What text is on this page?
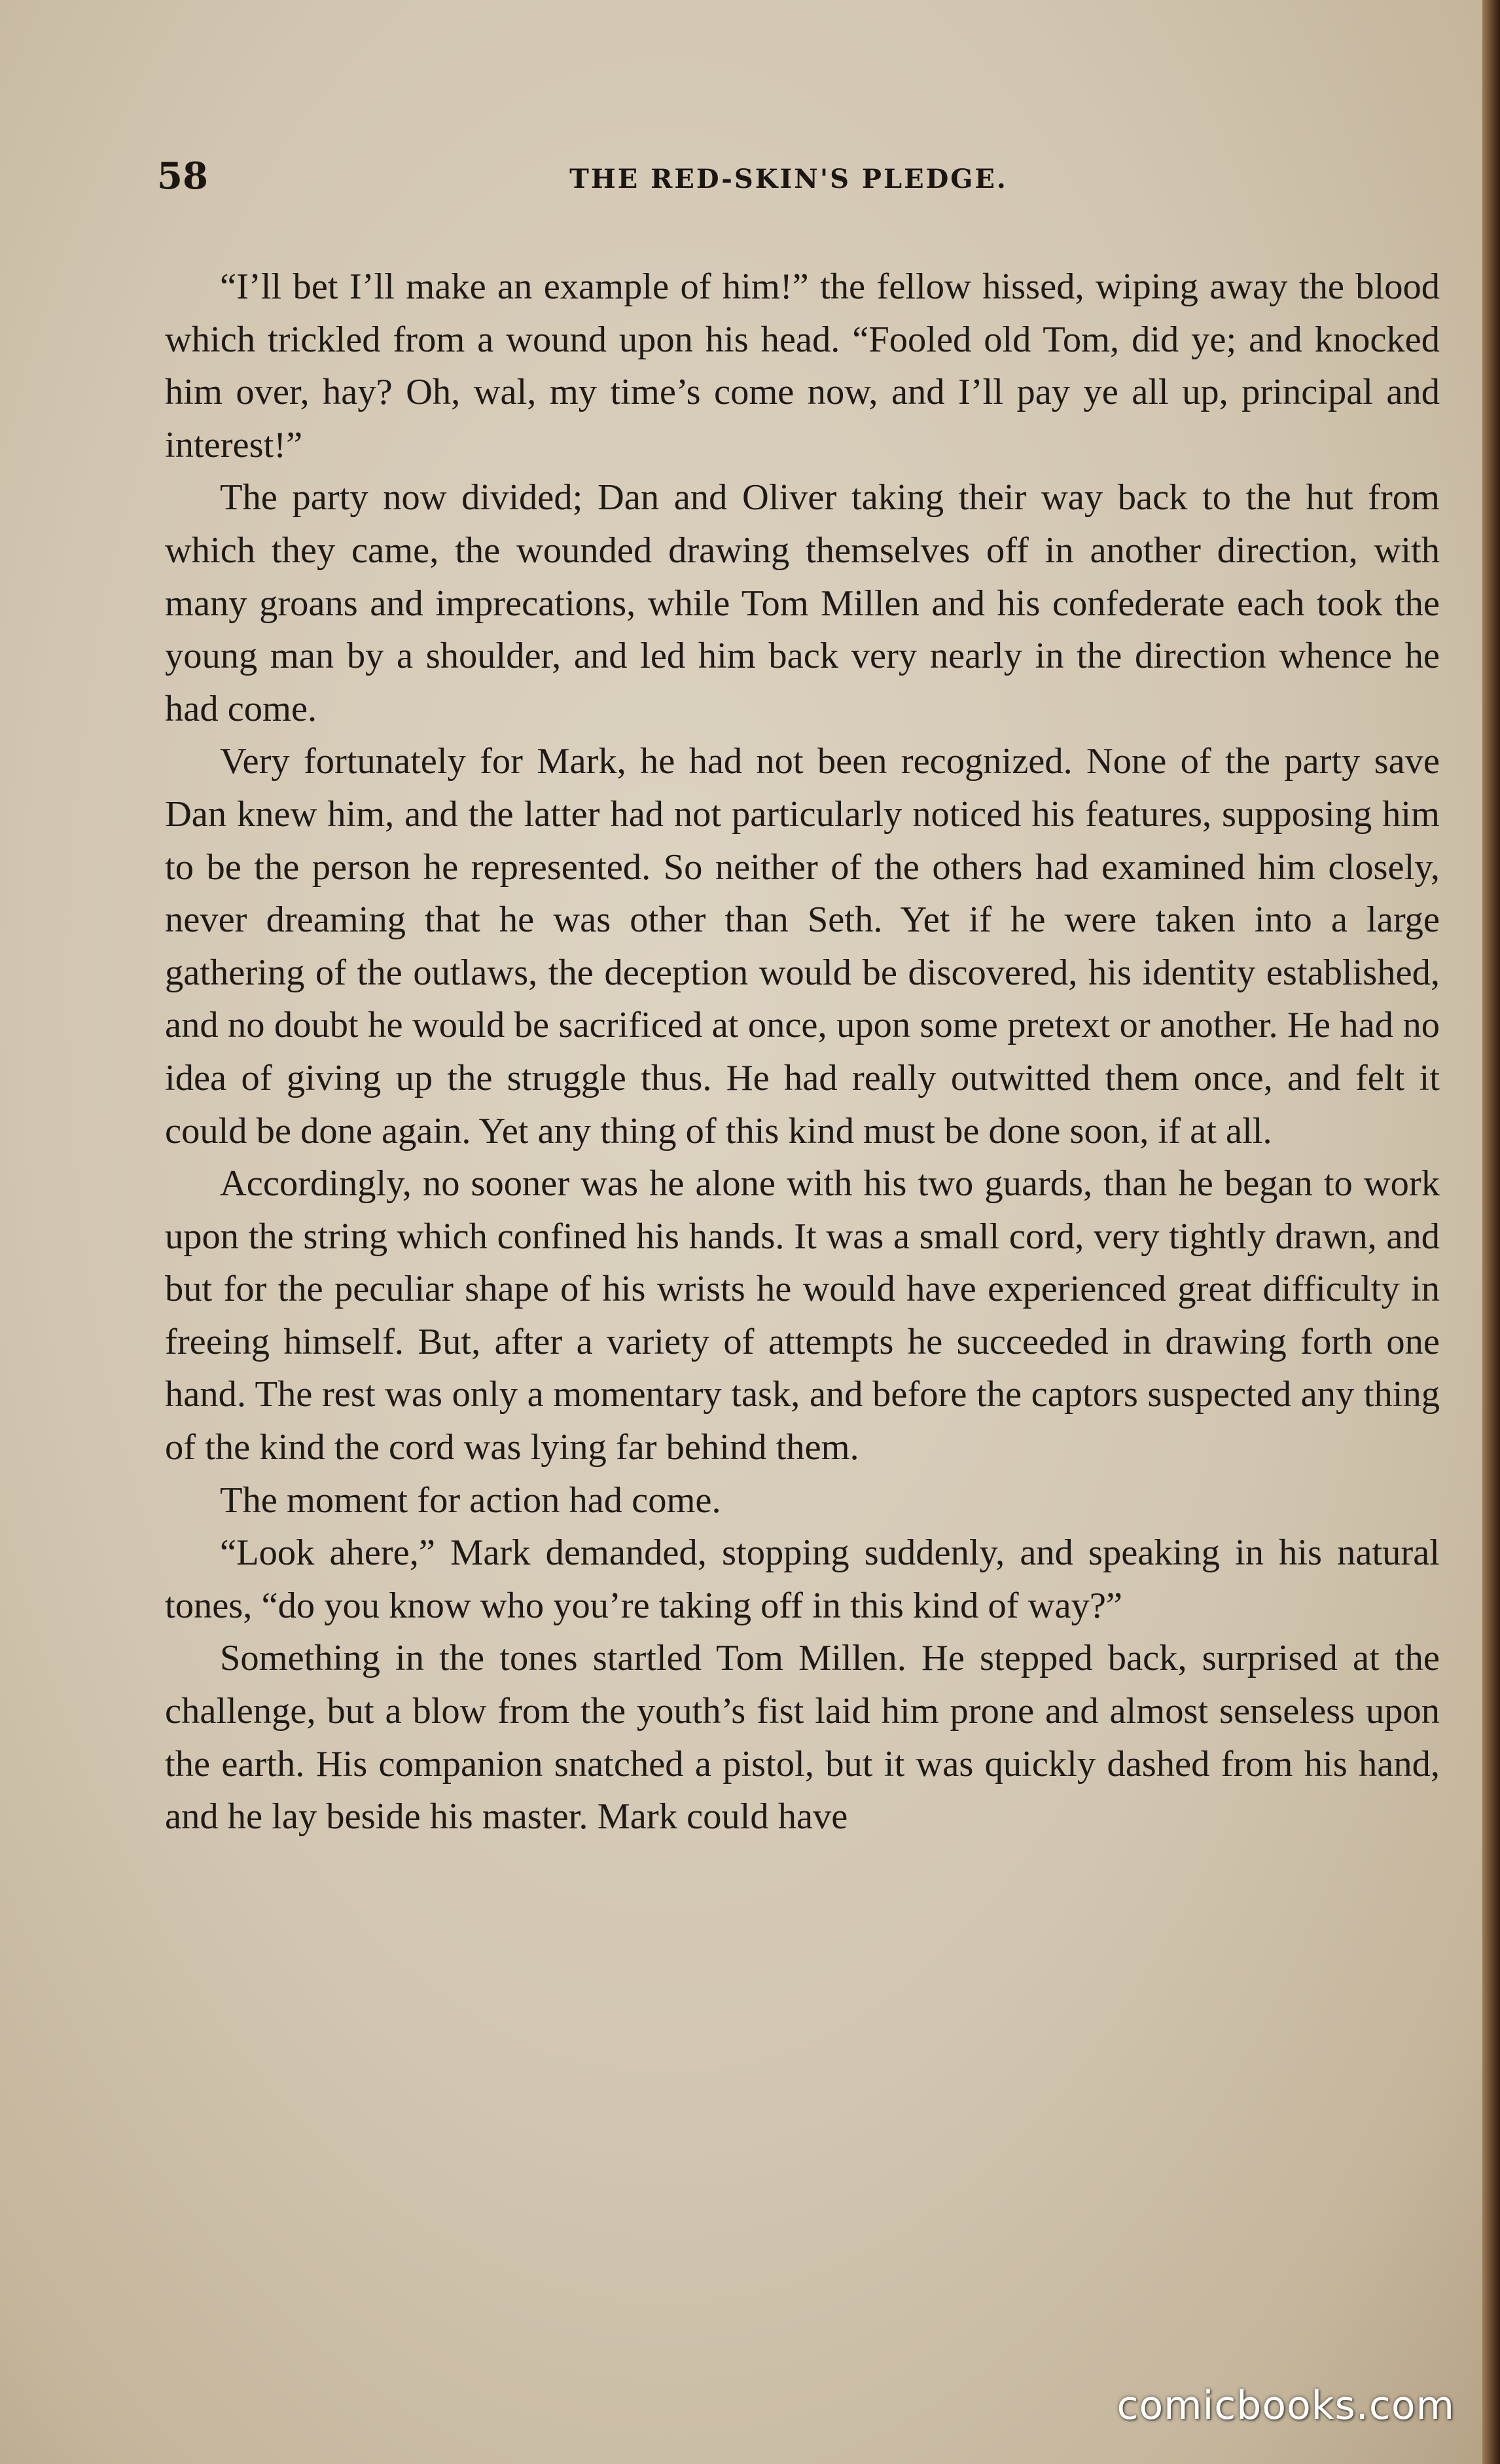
58	THE RED-SKIN'S PLEDGE.

“I’ll bet I’ll make an example of him!” the fellow hissed, wiping away the blood which trickled from a wound upon his head. “Fooled old Tom, did ye; and knocked him over, hay? Oh, wal, my time’s come now, and I’ll pay ye all up, principal and interest!”

The party now divided; Dan and Oliver taking their way back to the hut from which they came, the wounded drawing themselves off in another direction, with many groans and imprecations, while Tom Millen and his confederate each took the young man by a shoulder, and led him back very nearly in the direction whence he had come.

Very fortunately for Mark, he had not been recognized. None of the party save Dan knew him, and the latter had not particularly noticed his features, supposing him to be the person he represented. So neither of the others had examined him closely, never dreaming that he was other than Seth. Yet if he were taken into a large gathering of the outlaws, the deception would be discovered, his identity established, and no doubt he would be sacrificed at once, upon some pretext or another. He had no idea of giving up the struggle thus. He had really outwitted them once, and felt it could be done again. Yet any thing of this kind must be done soon, if at all.

Accordingly, no sooner was he alone with his two guards, than he began to work upon the string which confined his hands. It was a small cord, very tightly drawn, and but for the peculiar shape of his wrists he would have experienced great difficulty in freeing himself. But, after a variety of attempts he succeeded in drawing forth one hand. The rest was only a momentary task, and before the captors suspected any thing of the kind the cord was lying far behind them.

The moment for action had come.

“Look ahere,” Mark demanded, stopping suddenly, and speaking in his natural tones, “do you know who you’re taking off in this kind of way?”

Something in the tones startled Tom Millen. He stepped back, surprised at the challenge, but a blow from the youth’s fist laid him prone and almost senseless upon the earth. His companion snatched a pistol, but it was quickly dashed from his hand, and he lay beside his master. Mark could have

comicbooks.com
